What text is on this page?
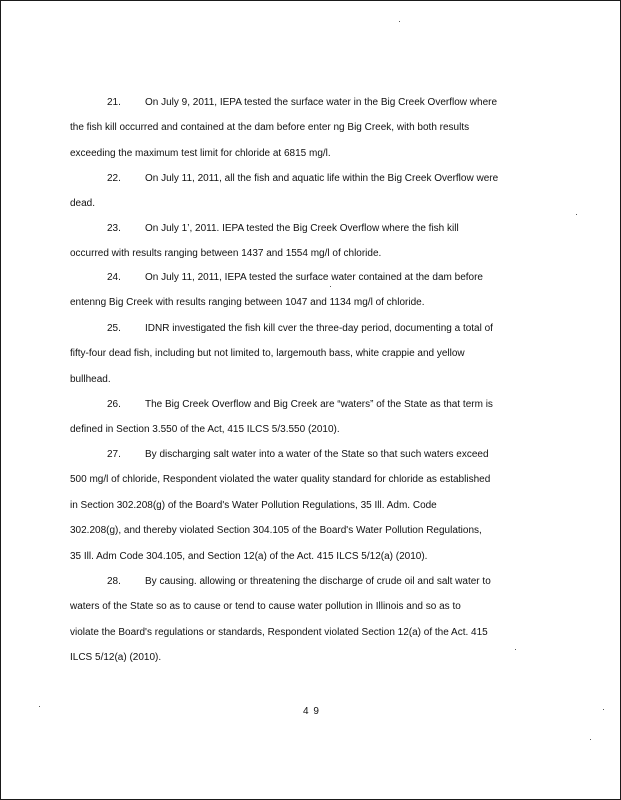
21. On July 9, 2011, IEPA tested the surface water in the Big Creek Overflow where
the fish kill occurred and contained at the dam before enter ng Big Creek, with both results
exceeding the maximum test limit for chloride at 6815 mg/l.
22. On July 11, 2011, all the fish and aquatic life within the Big Creek Overflow were
dead.
23. On July 1’, 2011. IEPA tested the Big Creek Overflow where the fish kill
occurred with results ranging between 1437 and 1554 mg/l of chloride.
24. On July 11, 2011, IEPA tested the surface water contained at the dam before
entenng Big Creek with results ranging between 1047 and 1134 mg/l of chloride.
25. IDNR investigated the fish kill cver the three-day period, documenting a total of
fifty-four dead fish, including but not limited to, largemouth bass, white crappie and yellow
bullhead.
26. The Big Creek Overflow and Big Creek are “waters” of the State as that term is
defined in Section 3.550 of the Act, 415 ILCS 5/3.550 (2010).
27. By discharging salt water into a water of the State so that such waters exceed
500 mg/l of chloride, Respondent violated the water quality standard for chloride as established
in Section 302.208(g) of the Board's Water Pollution Regulations, 35 Ill. Adm. Code
302.208(g), and thereby violated Section 304.105 of the Board's Water Pollution Regulations,
35 Ill. Adm Code 304.105, and Section 12(a) of the Act. 415 ILCS 5/12(a) (2010).
28. By causing. allowing or threatening the discharge of crude oil and salt water to
waters of the State so as to cause or tend to cause water pollution in Illinois and so as to
violate the Board's regulations or standards, Respondent violated Section 12(a) of the Act. 415
ILCS 5/12(a) (2010).
4 9
